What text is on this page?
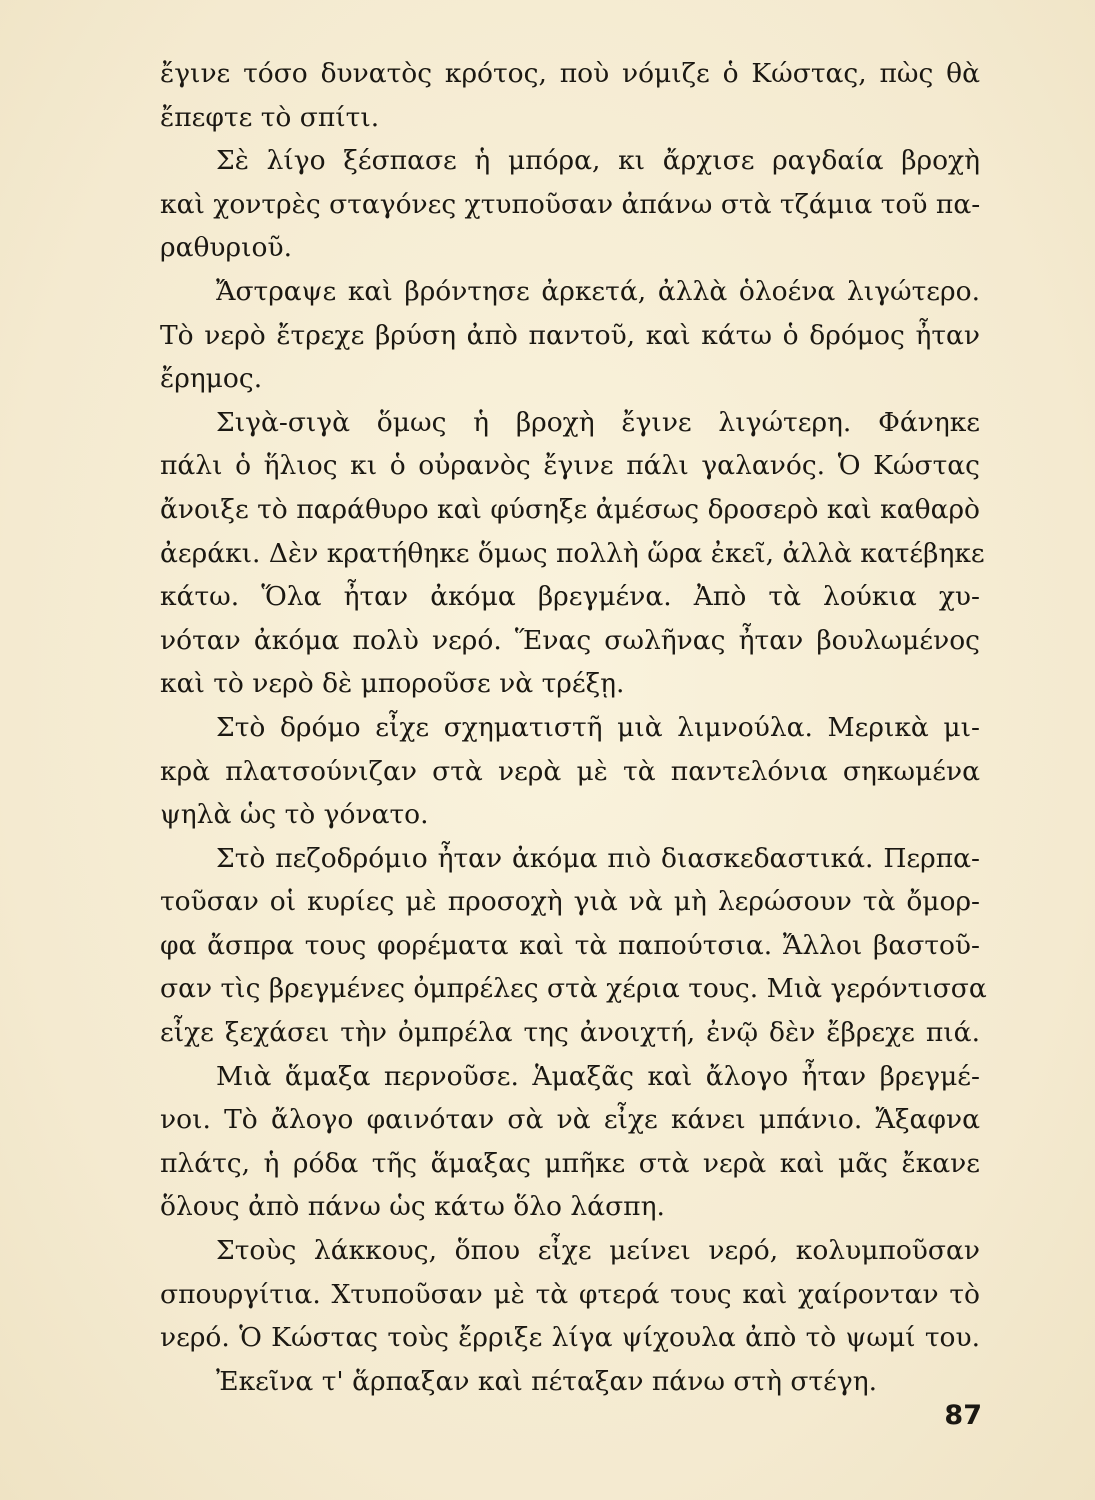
ἔγινε τόσο δυνατὸς κρότος, ποὺ νόμιζε ὁ Κώστας, πὼς θὰ
ἔπεφτε τὸ σπίτι.
Σὲ λίγο ξέσπασε ἡ μπόρα, κι ἄρχισε ραγδαία βροχὴ
καὶ χοντρὲς σταγόνες χτυποῦσαν ἀπάνω στὰ τζάμια τοῦ πα-
ραθυριοῦ.
Ἄστραψε καὶ βρόντησε ἀρκετά, ἀλλὰ ὁλοένα λιγώτερο.
Τὸ νερὸ ἔτρεχε βρύση ἀπὸ παντοῦ, καὶ κάτω ὁ δρόμος ἦταν
ἔρημος.
Σιγὰ-σιγὰ ὅμως ἡ βροχὴ ἔγινε λιγώτερη. Φάνηκε
πάλι ὁ ἥλιος κι ὁ οὐρανὸς ἔγινε πάλι γαλανός. Ὁ Κώστας
ἄνοιξε τὸ παράθυρο καὶ φύσηξε ἀμέσως δροσερὸ καὶ καθαρὸ
ἀεράκι. Δὲν κρατήθηκε ὅμως πολλὴ ὥρα ἐκεῖ, ἀλλὰ κατέβηκε
κάτω. Ὅλα ἦταν ἀκόμα βρεγμένα. Ἀπὸ τὰ λούκια χυ-
νόταν ἀκόμα πολὺ νερό. Ἕνας σωλῆνας ἦταν βουλωμένος
καὶ τὸ νερὸ δὲ μποροῦσε νὰ τρέξῃ.
Στὸ δρόμο εἶχε σχηματιστῆ μιὰ λιμνούλα. Μερικὰ μι-
κρὰ πλατσούνιζαν στὰ νερὰ μὲ τὰ παντελόνια σηκωμένα
ψηλὰ ὡς τὸ γόνατο.
Στὸ πεζοδρόμιο ἦταν ἀκόμα πιὸ διασκεδαστικά. Περπα-
τοῦσαν οἱ κυρίες μὲ προσοχὴ γιὰ νὰ μὴ λερώσουν τὰ ὄμορ-
φα ἄσπρα τους φορέματα καὶ τὰ παπούτσια. Ἄλλοι βαστοῦ-
σαν τὶς βρεγμένες ὀμπρέλες στὰ χέρια τους. Μιὰ γερόντισσα
εἶχε ξεχάσει τὴν ὀμπρέλα της ἀνοιχτή, ἐνῷ δὲν ἔβρεχε πιά.
Μιὰ ἅμαξα περνοῦσε. Ἁμαξᾶς καὶ ἄλογο ἦταν βρεγμέ-
νοι. Τὸ ἄλογο φαινόταν σὰ νὰ εἶχε κάνει μπάνιο. Ἄξαφνα
πλάτς, ἡ ρόδα τῆς ἅμαξας μπῆκε στὰ νερὰ καὶ μᾶς ἔκανε
ὅλους ἀπὸ πάνω ὡς κάτω ὅλο λάσπη.
Στοὺς λάκκους, ὅπου εἶχε μείνει νερό, κολυμποῦσαν
σπουργίτια. Χτυποῦσαν μὲ τὰ φτερά τους καὶ χαίρονταν τὸ
νερό. Ὁ Κώστας τοὺς ἔρριξε λίγα ψίχουλα ἀπὸ τὸ ψωμί του.
Ἐκεῖνα τ' ἅρπαξαν καὶ πέταξαν πάνω στὴ στέγη.
87
